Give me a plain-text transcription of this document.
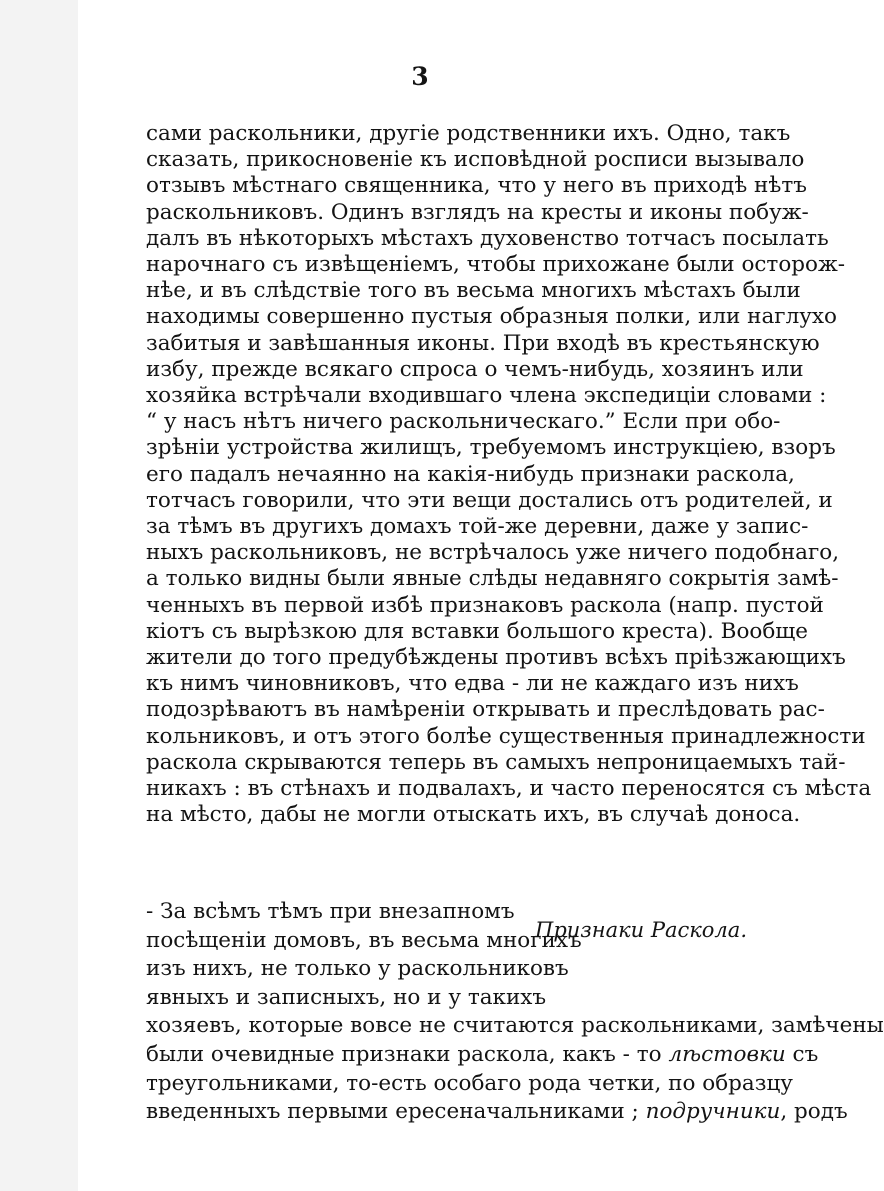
3
сами раскольники, другіе родственники ихъ. Одно, такъ
сказать, прикосновеніе къ исповѣдной росписи вызывало
отзывъ мѣстнаго священника, что у него въ приходѣ нѣтъ
раскольниковъ. Одинъ взглядъ на кресты и иконы побуж-
далъ въ нѣкоторыхъ мѣстахъ духовенство тотчасъ посылать
нарочнаго съ извѣщеніемъ, чтобы прихожане были осторож-
нѣе, и въ слѣдствіе того въ весьма многихъ мѣстахъ были
находимы совершенно пустыя образныя полки, или наглухо
забитыя и завѣшанныя иконы. При входѣ въ крестьянскую
избу, прежде всякаго спроса о чемъ-нибудь, хозяинъ или
хозяйка встрѣчали входившаго члена экспедиціи словами :
“ у насъ нѣтъ ничего раскольническаго.” Если при обо-
зрѣніи устройства жилищъ, требуемомъ инструкціею, взоръ
его падалъ нечаянно на какія-нибудь признаки раскола,
тотчасъ говорили, что эти вещи достались отъ родителей, и
за тѣмъ въ другихъ домахъ той-же деревни, даже у запис-
ныхъ раскольниковъ, не встрѣчалось уже ничего подобнаго,
а только видны были явные слѣды недавняго сокрытія замѣ-
ченныхъ въ первой избѣ признаковъ раскола (напр. пустой
кіотъ съ вырѣзкою для вставки большого креста). Вообще
жители до того предубѣждены противъ всѣхъ пріѣзжающихъ
къ нимъ чиновниковъ, что едва - ли не каждаго изъ нихъ
подозрѣваютъ въ намѣреніи открывать и преслѣдовать рас-
кольниковъ, и отъ этого болѣе существенныя принадлежности
раскола скрываются теперь въ самыхъ непроницаемыхъ тай-
никахъ : въ стѣнахъ и подвалахъ, и часто переносятся съ мѣста
на мѣсто, дабы не могли отыскать ихъ, въ случаѣ доноса.
- За всѣмъ тѣмъ при внезапномъ
посѣщеніи домовъ, въ весьма многихъ
изъ нихъ, не только у раскольниковъ
явныхъ и записныхъ, но и у такихъ
хозяевъ, которые вовсе не считаются раскольниками, замѣчены
были очевидные признаки раскола, какъ - то лѣстовки съ
треугольниками, то-есть особаго рода четки, по образцу
введенныхъ первыми ересеначальниками ; подручники, родъ
Признаки Раскола.
